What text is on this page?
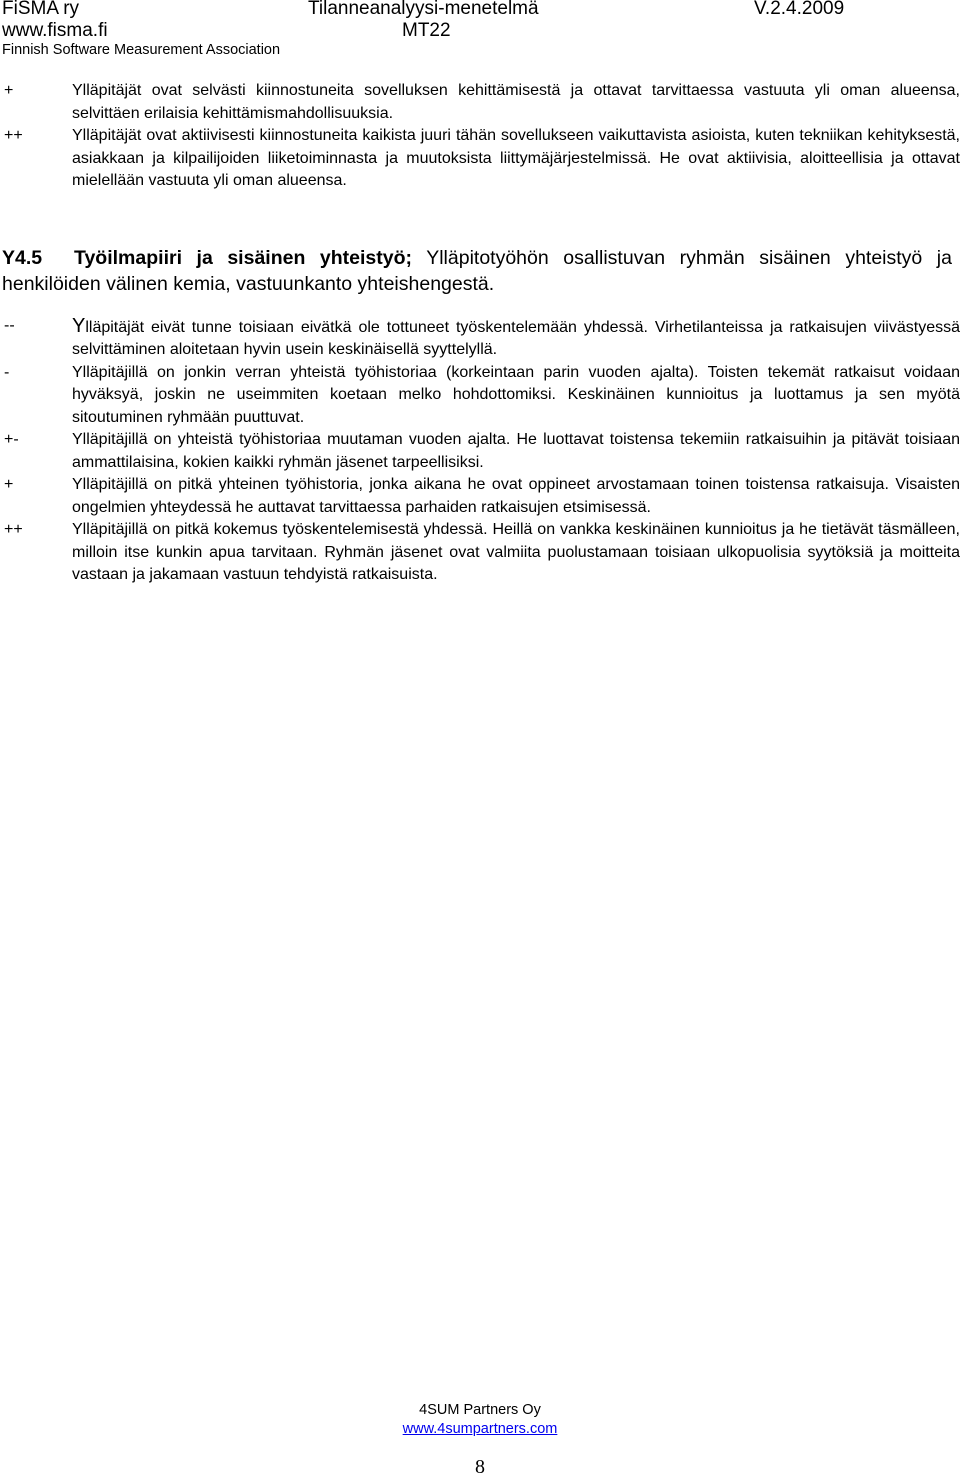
FiSMA ry	Tilanneanalyysi-menetelmä	V.2.4.2009
www.fisma.fi	MT22
Finnish Software Measurement Association
+	Ylläpitäjät ovat selvästi kiinnostuneita sovelluksen kehittämisestä ja ottavat tarvittaessa vastuuta yli oman alueensa, selvittäen erilaisia kehittämismahdollisuuksia.
++	Ylläpitäjät ovat aktiivisesti kiinnostuneita kaikista juuri tähän sovellukseen vaikuttavista asioista, kuten tekniikan kehityksestä, asiakkaan ja kilpailijoiden liiketoiminnasta ja muutoksista liittymäjärjestelmissä. He ovat aktiivisia, aloitteellisia ja ottavat mielellään vastuuta yli oman alueensa.
Y4.5 Työilmapiiri ja sisäinen yhteistyö; Ylläpitotyöhön osallistuvan ryhmän sisäinen yhteistyö ja henkilöiden välinen kemia, vastuunkanto yhteishengestä.
--	Ylläpitäjät eivät tunne toisiaan eivätkä ole tottuneet työskentelemään yhdessä. Virhetilanteissa ja ratkaisujen viivästyessä selvittäminen aloitetaan hyvin usein keskinäisellä syyttelyllä.
-	Ylläpitäjillä on jonkin verran yhteistä työhistoriaa (korkeintaan parin vuoden ajalta). Toisten tekemät ratkaisut voidaan hyväksyä, joskin ne useimmiten koetaan melko hohdottomiksi. Keskinäinen kunnioitus ja luottamus ja sen myötä sitoutuminen ryhmään puuttuvat.
+-	Ylläpitäjillä on yhteistä työhistoriaa muutaman vuoden ajalta. He luottavat toistensa tekemiin ratkaisuihin ja pitävät toisiaan ammattilaisina, kokien kaikki ryhmän jäsenet tarpeellisiksi.
+	Ylläpitäjillä on pitkä yhteinen työhistoria, jonka aikana he ovat oppineet arvostamaan toinen toistensa ratkaisuja. Visaisten ongelmien yhteydessä he auttavat tarvittaessa parhaiden ratkaisujen etsimisessä.
++	Ylläpitäjillä on pitkä kokemus työskentelemisestä yhdessä. Heillä on vankka keskinäinen kunnioitus ja he tietävät täsmälleen, milloin itse kunkin apua tarvitaan. Ryhmän jäsenet ovat valmiita puolustamaan toisiaan ulkopuolisia syytöksiä ja moitteita vastaan ja jakamaan vastuun tehdyistä ratkaisuista.
4SUM Partners Oy
www.4sumpartners.com
8
